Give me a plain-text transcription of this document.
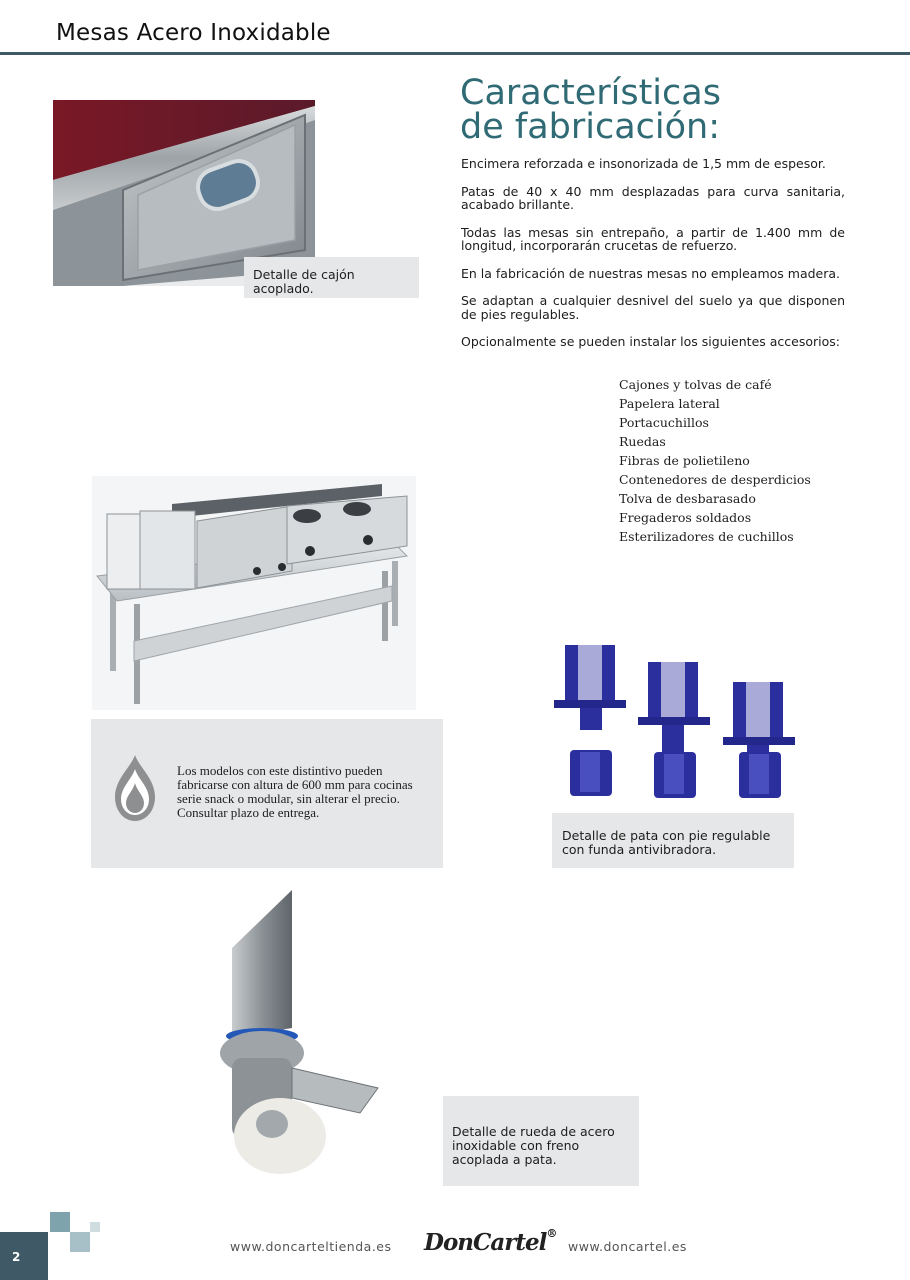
Mesas Acero Inoxidable
Detalle de cajón acoplado.
Características
de fabricación:

Encimera reforzada e insonorizada de 1,5 mm de espesor.

Patas de 40 x 40 mm desplazadas para curva sanitaria, acabado brillante.

Todas las mesas sin entrepaño, a partir de 1.400 mm de longitud, incorporarán crucetas de refuerzo.

En la fabricación de nuestras mesas no empleamos madera.

Se adaptan a cualquier desnivel del suelo ya que disponen de pies regulables.

Opcionalmente se pueden instalar los siguientes accesorios:

Cajones y tolvas de café
Papelera lateral
Portacuchillos
Ruedas
Fibras de polietileno
Contenedores de desperdicios
Tolva de desbarasado
Fregaderos soldados
Esterilizadores de cuchillos
Los modelos con este distintivo pueden fabricarse con altura de 600 mm para cocinas serie snack o modular, sin alterar el precio. Consultar plazo de entrega.
Detalle de pata con pie regulable con funda antivibradora.
Detalle de rueda de acero inoxidable con freno acoplada a pata.
2
www.doncarteltienda.es DonCartel®
www.doncartel.es
